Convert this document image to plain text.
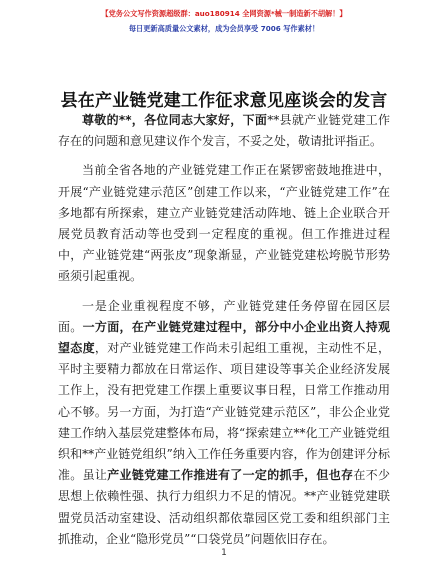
【党务公文写作资源超级群：auo180914 全网资源*械一制造新不胡解！】
每日更新高质量公文素材，成为会员享受 7006 写作素材！
县在产业链党建工作征求意见座谈会的发言

尊敬的**，各位同志大家好，下面**县就产业链党建工作存在的问题和意见建议作个发言，不妥之处，敬请批评指正。

当前全省各地的产业链党建工作正在紧锣密鼓地推进中，开展“产业链党建示范区”创建工作以来，“产业链党建工作”在多地都有所探索，建立产业链党建活动阵地、链上企业联合开展党员教育活动等也受到一定程度的重视。但工作推进过程中，产业链党建“两张皮”现象渐显，产业链党建松垮脱节形势亟须引起重视。

一是企业重视程度不够，产业链党建任务停留在园区层面。一方面，在产业链党建过程中，部分中小企业出资人持观望态度，对产业链党建工作尚未引起组工重视，主动性不足，平时主要精力都放在日常运作、项目建设等事关企业经济发展工作上，没有把党建工作摆上重要议事日程，日常工作推动用心不够。另一方面，为打造“产业链党建示范区”，非公企业党建工作纳入基层党建整体布局，将“探索建立**化工产业链党组织和**产业链党组织”纳入工作任务重要内容，作为创建评分标准。虽让产业链党建工作推进有了一定的抓手，但也存在不少思想上依赖性强、执行力组织力不足的情况。**产业链党建联盟党员活动室建设、活动组织都依靠园区党工委和组织部门主抓推动，企业“隐形党员”“口袋党员”问题依旧存在。

1
